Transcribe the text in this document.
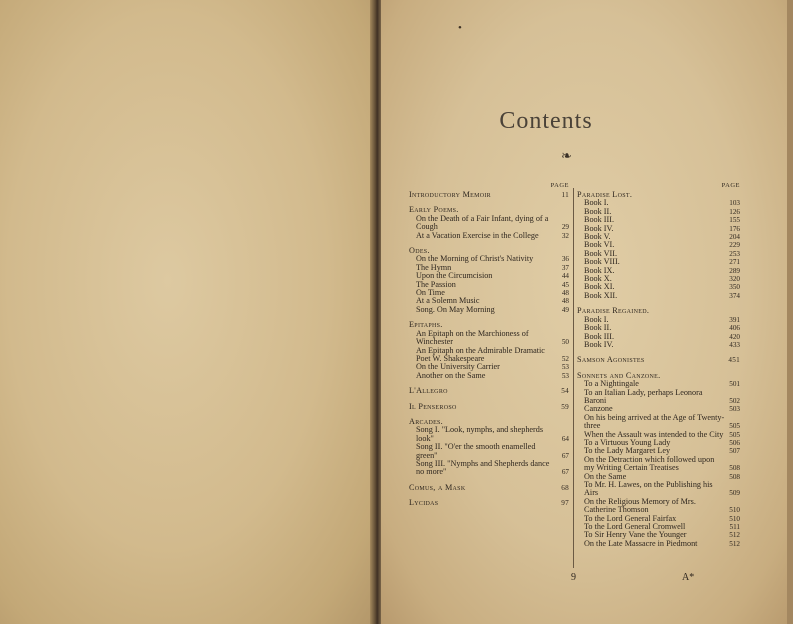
•
Contents
❧
PAGE
Introductory Memoir	11
Early Poems.
On the Death of a Fair Infant, dying of a Cough	29
At a Vacation Exercise in the College	32
Odes.
On the Morning of Christ's Nativity	36
The Hymn	37
Upon the Circumcision	44
The Passion	45
On Time	48
At a Solemn Music	48
Song. On May Morning	49
Epitaphs.
An Epitaph on the Marchioness of Winchester	50
An Epitaph on the Admirable Dramatic Poet W. Shakespeare	52
On the University Carrier	53
Another on the Same	53
L'Allegro	54
Il Penseroso	59
Arcades.
Song I. "Look, nymphs, and shepherds look"	64
Song II. "O'er the smooth enamelled green"	67
Song III. "Nymphs and Shepherds dance no more"	67
Comus, a Mask	68
Lycidas	97
PAGE
Paradise Lost.
Book I.	103
Book II.	126
Book III.	155
Book IV.	176
Book V.	204
Book VI.	229
Book VII.	253
Book VIII.	271
Book IX.	289
Book X.	320
Book XI.	350
Book XII.	374
Paradise Regained.
Book I.	391
Book II.	406
Book III.	420
Book IV.	433
Samson Agonistes	451
Sonnets and Canzone.
To a Nightingale	501
To an Italian Lady, perhaps Leonora Baroni	502
Canzone	503
On his being arrived at the Age of Twenty-three	505
When the Assault was intended to the City 505
To a Virtuous Young Lady	506
To the Lady Margaret Ley	507
On the Detraction which followed upon my Writing Certain Treatises	508
On the Same	508
To Mr. H. Lawes, on the Publishing his Airs	509
On the Religious Memory of Mrs. Catherine Thomson	510
To the Lord General Fairfax	510
To the Lord General Cromwell	511
To Sir Henry Vane the Younger	512
On the Late Massacre in Piedmont	512
9	A*
